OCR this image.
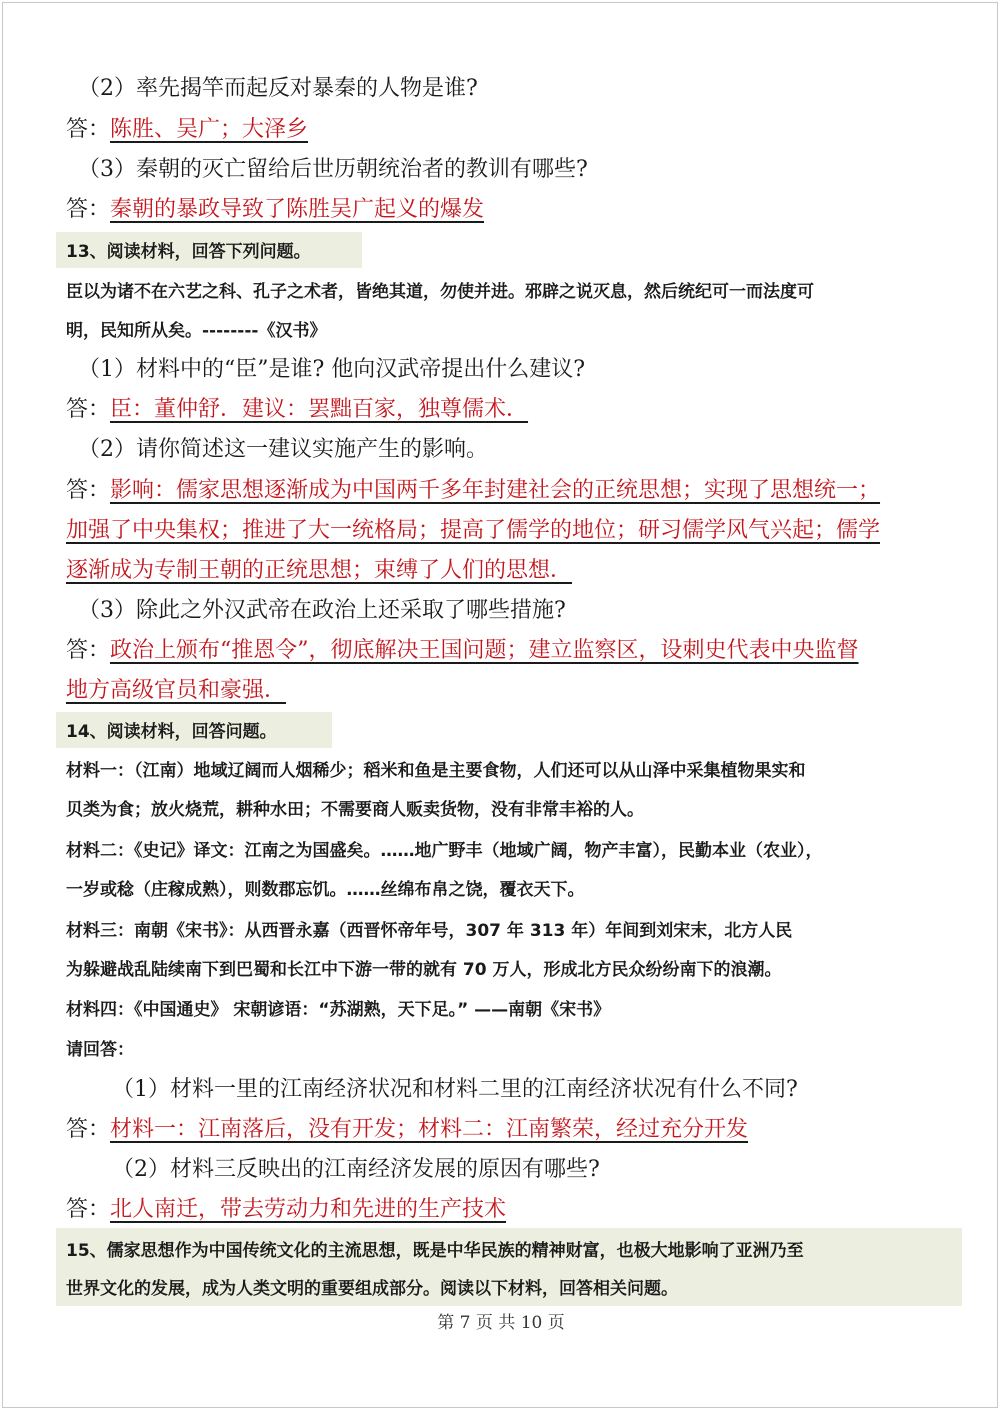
（2）率先揭竿而起反对暴秦的人物是谁?
答：陈胜、吴广；大泽乡
（3）秦朝的灭亡留给后世历朝统治者的教训有哪些?
答：秦朝的暴政导致了陈胜吴广起义的爆发
13、阅读材料，回答下列问题。
臣以为诸不在六艺之科、孔子之术者，皆绝其道，勿使并进。邪辟之说灭息，然后统纪可一而法度可
明，民知所从矣。--------《汉书》
（1）材料中的“臣”是谁? 他向汉武帝提出什么建议?
答：臣：董仲舒．建议：罢黜百家，独尊儒术．
（2）请你简述这一建议实施产生的影响。
答：影响：儒家思想逐渐成为中国两千多年封建社会的正统思想；实现了思想统一；
加强了中央集权；推进了大一统格局；提高了儒学的地位；研习儒学风气兴起；儒学
逐渐成为专制王朝的正统思想；束缚了人们的思想．
（3）除此之外汉武帝在政治上还采取了哪些措施?
答：政治上颁布“推恩令”，彻底解决王国问题；建立监察区，设刺史代表中央监督
地方高级官员和豪强．
14、阅读材料，回答问题。
材料一：（江南）地域辽阔而人烟稀少；稻米和鱼是主要食物，人们还可以从山泽中采集植物果实和
贝类为食；放火烧荒，耕种水田；不需要商人贩卖货物，没有非常丰裕的人。
材料二：《史记》译文：江南之为国盛矣。……地广野丰（地域广阔，物产丰富），民勤本业（农业），
一岁或稔（庄稼成熟），则数郡忘饥。……丝绵布帛之饶，覆衣天下。
材料三：南朝《宋书》：从西晋永嘉（西晋怀帝年号，307 年 313 年）年间到刘宋末，北方人民
为躲避战乱陆续南下到巴蜀和长江中下游一带的就有 70 万人，形成北方民众纷纷南下的浪潮。
材料四：《中国通史》 宋朝谚语：“苏湖熟，天下足。” ——南朝《宋书》
请回答：
（1）材料一里的江南经济状况和材料二里的江南经济状况有什么不同?
答：材料一：江南落后，没有开发；材料二：江南繁荣，经过充分开发
（2）材料三反映出的江南经济发展的原因有哪些?
答：北人南迁，带去劳动力和先进的生产技术
15、儒家思想作为中国传统文化的主流思想，既是中华民族的精神财富，也极大地影响了亚洲乃至
世界文化的发展，成为人类文明的重要组成部分。阅读以下材料，回答相关问题。
第 7 页 共 10 页
